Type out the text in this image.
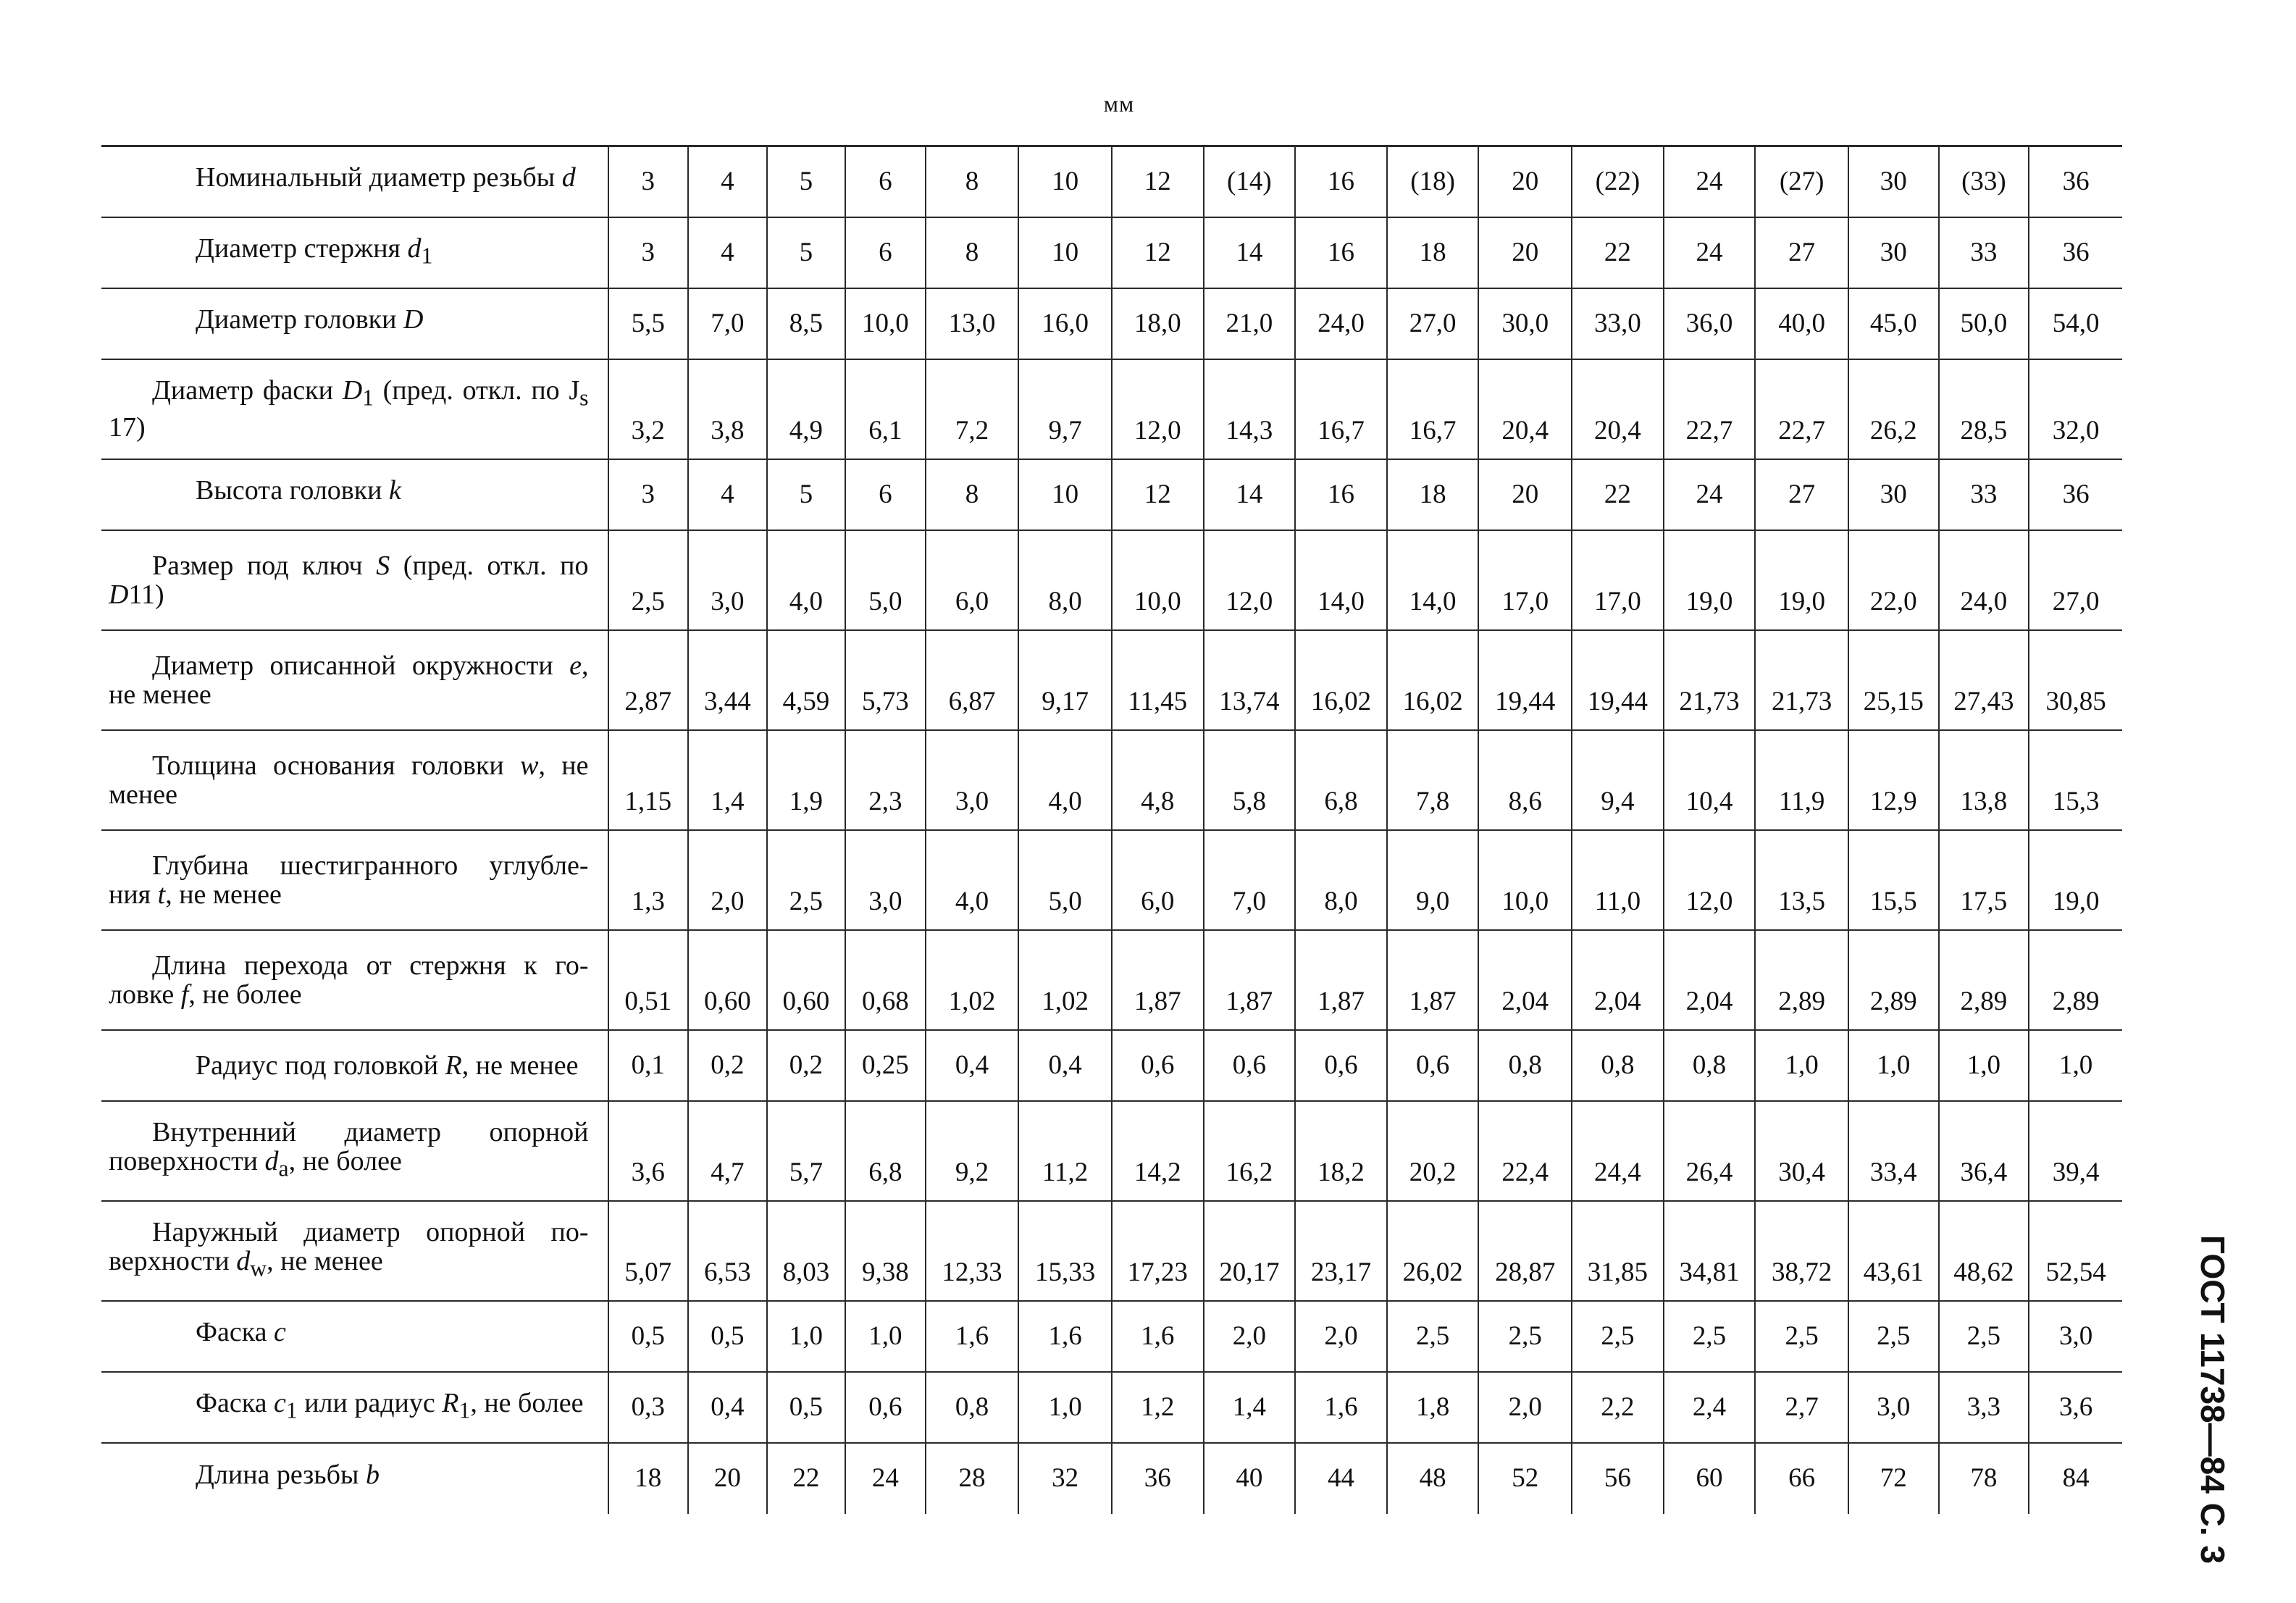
мм
Номинальный диаметр резьбы d	3	4	5	6	8	10	12	(14)	16	(18)	20	(22)	24	(27)	30	(33)	36

Диаметр стержня $d_1$	3	4	5	6	8	10	12	14	16	18	20	22	24	27	30	33	36

Диаметр головки D	5,5	7,0	8,5	10,0	13,0	16,0	18,0	21,0	24,0	27,0	30,0	33,0	36,0	40,0	45,0	50,0	54,0

Диаметр фаски $D_1$ (пред. откл. по $J_s$ 17)	3,2	3,8	4,9	6,1	7,2	9,7	12,0	14,3	16,7	16,7	20,4	20,4	22,7	22,7	26,2	28,5	32,0

Высота головки k	3	4	5	6	8	10	12	14	16	18	20	22	24	27	30	33	36

Размер под ключ S (пред. откл. по D11)	2,5	3,0	4,0	5,0	6,0	8,0	10,0	12,0	14,0	14,0	17,0	17,0	19,0	19,0	22,0	24,0	27,0

Диаметр описанной окружности e, не менее	2,87	3,44	4,59	5,73	6,87	9,17	11,45	13,74	16,02	16,02	19,44	19,44	21,73	21,73	25,15	27,43	30,85

Толщина основания головки w, не менее	1,15	1,4	1,9	2,3	3,0	4,0	4,8	5,8	6,8	7,8	8,6	9,4	10,4	11,9	12,9	13,8	15,3

Глубина шестигранного углубле- ния t, не менее	1,3	2,0	2,5	3,0	4,0	5,0	6,0	7,0	8,0	9,0	10,0	11,0	12,0	13,5	15,5	17,5	19,0

Длина перехода от стержня к го- ловке f, не более	0,51	0,60	0,60	0,68	1,02	1,02	1,87	1,87	1,87	1,87	2,04	2,04	2,04	2,89	2,89	2,89	2,89

Радиус под головкой R, не менее	0,1	0,2	0,2	0,25	0,4	0,4	0,6	0,6	0,6	0,6	0,8	0,8	0,8	1,0	1,0	1,0	1,0

Внутренний диаметр опорной поверхности $d_a$, не более	3,6	4,7	5,7	6,8	9,2	11,2	14,2	16,2	18,2	20,2	22,4	24,4	26,4	30,4	33,4	36,4	39,4

Наружный диаметр опорной по- верхности $d_w$, не менее	5,07	6,53	8,03	9,38	12,33	15,33	17,23	20,17	23,17	26,02	28,87	31,85	34,81	38,72	43,61	48,62	52,54

Фаска c	0,5	0,5	1,0	1,0	1,6	1,6	1,6	2,0	2,0	2,5	2,5	2,5	2,5	2,5	2,5	2,5	3,0

Фаска $c_1$ или радиус $R_1$, не более	0,3	0,4	0,5	0,6	0,8	1,0	1,2	1,4	1,6	1,8	2,0	2,2	2,4	2,7	3,0	3,3	3,6

Длина резьбы b	18	20	22	24	28	32	36	40	44	48	52	56	60	66	72	78	84	ГОСТ 11738—84 С. 3
